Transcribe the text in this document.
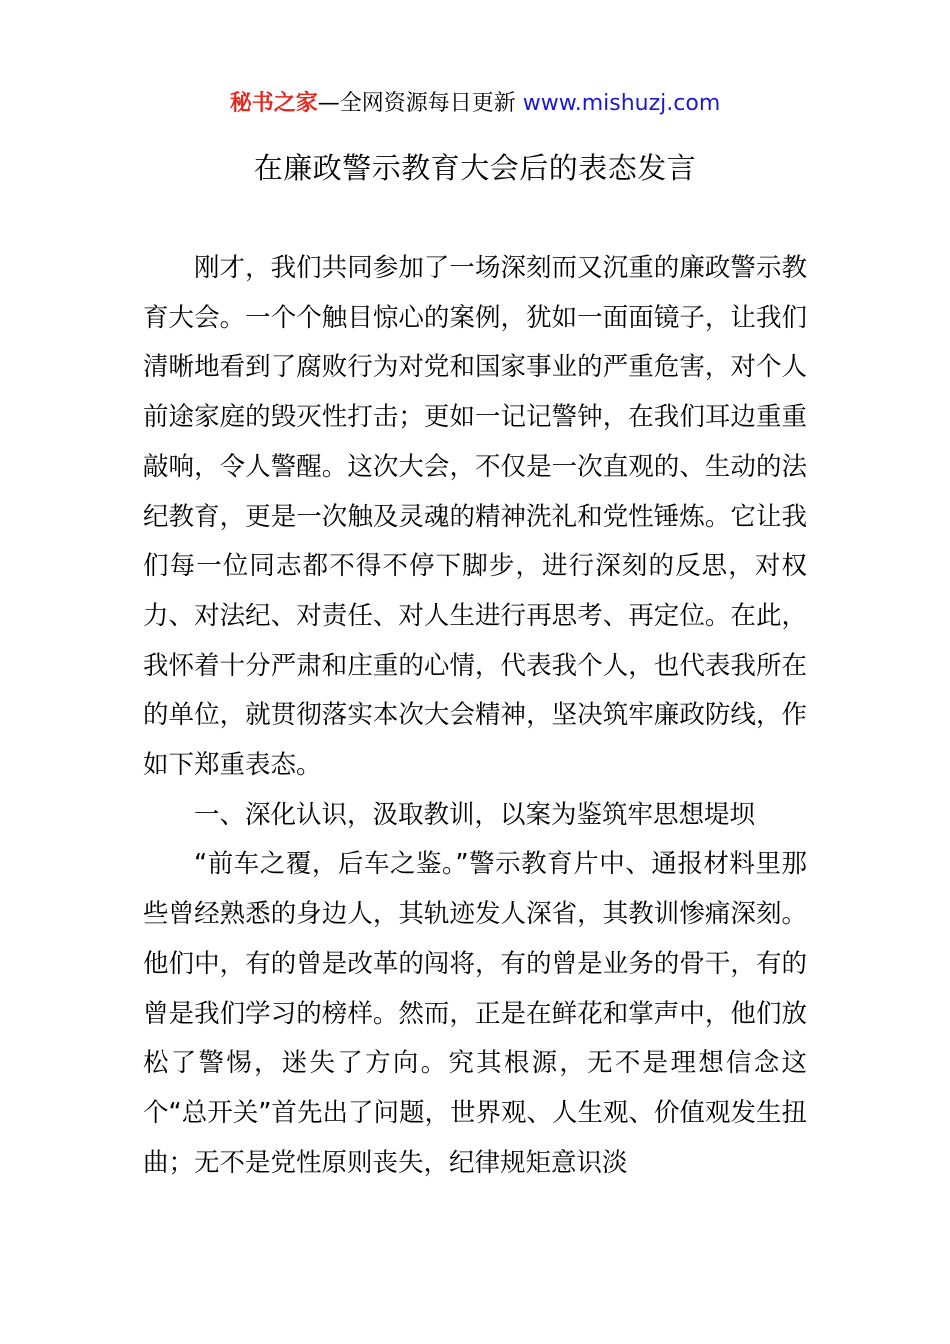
秘书之家—全网资源每日更新 www.mishuzj.com
在廉政警示教育大会后的表态发言

刚才，我们共同参加了一场深刻而又沉重的廉政警示教育大会。一个个触目惊心的案例，犹如一面面镜子，让我们清晰地看到了腐败行为对党和国家事业的严重危害，对个人前途家庭的毁灭性打击；更如一记记警钟，在我们耳边重重敲响，令人警醒。这次大会，不仅是一次直观的、生动的法纪教育，更是一次触及灵魂的精神洗礼和党性锤炼。它让我们每一位同志都不得不停下脚步，进行深刻的反思，对权力、对法纪、对责任、对人生进行再思考、再定位。在此，我怀着十分严肃和庄重的心情，代表我个人，也代表我所在的单位，就贯彻落实本次大会精神，坚决筑牢廉政防线，作如下郑重表态。

一、深化认识，汲取教训，以案为鉴筑牢思想堤坝

“前车之覆，后车之鉴。”警示教育片中、通报材料里那些曾经熟悉的身边人，其轨迹发人深省，其教训惨痛深刻。他们中，有的曾是改革的闯将，有的曾是业务的骨干，有的曾是我们学习的榜样。然而，正是在鲜花和掌声中，他们放松了警惕，迷失了方向。究其根源，无不是理想信念这个“总开关”首先出了问题，世界观、人生观、价值观发生扭曲；无不是党性原则丧失，纪律规矩意识淡
